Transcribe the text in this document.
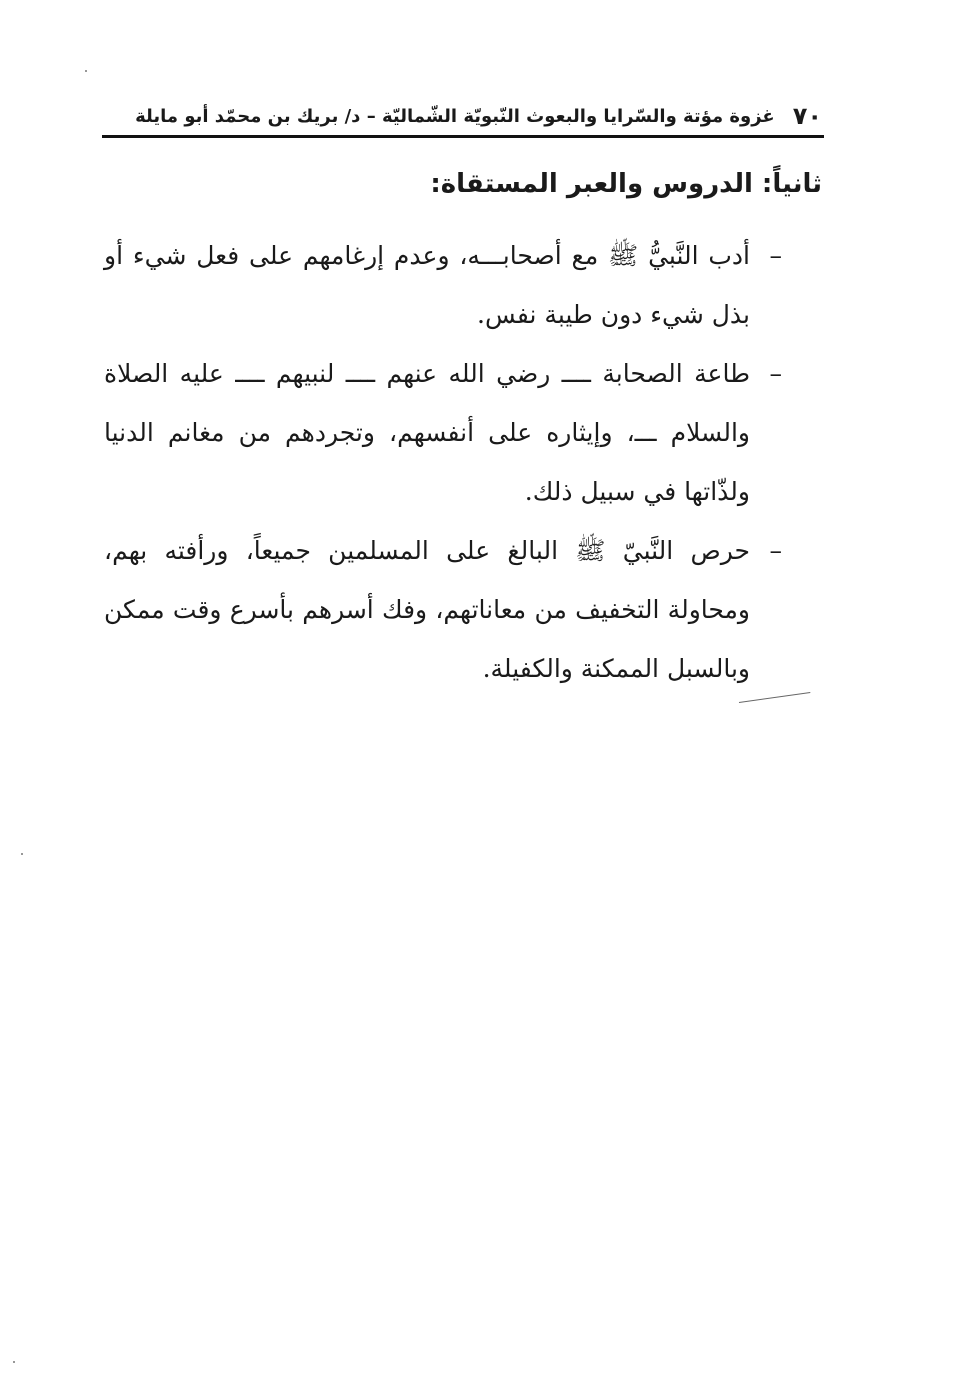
٧٠
غزوة مؤتة والسّرايا والبعوث النّبويّة الشّماليّة – د/ بريك بن محمّد أبو مايلة
ثانياً: الدروس والعبر المستقاة:
–
أدب النَّبيُّ ﷺ مع أصحابـــه، وعدم إرغامهم على فعل شيء أو بذل شيء دون طيبة نفس.
–
طاعة الصحابة ــــ رضي الله عنهم ــــ لنبيهم ــــ عليه الصلاة والسلام ـــ، وإيثاره على أنفسهم، وتجردهم من مغانم الدنيا ولذّاتها في سبيل ذلك.
–
حرص النَّبيّ ﷺ البالغ على المسلمين جميعاً، ورأفته بهم، ومحاولة التخفيف من معاناتهم، وفك أسرهم بأسرع وقت ممكن وبالسبل الممكنة والكفيلة.
